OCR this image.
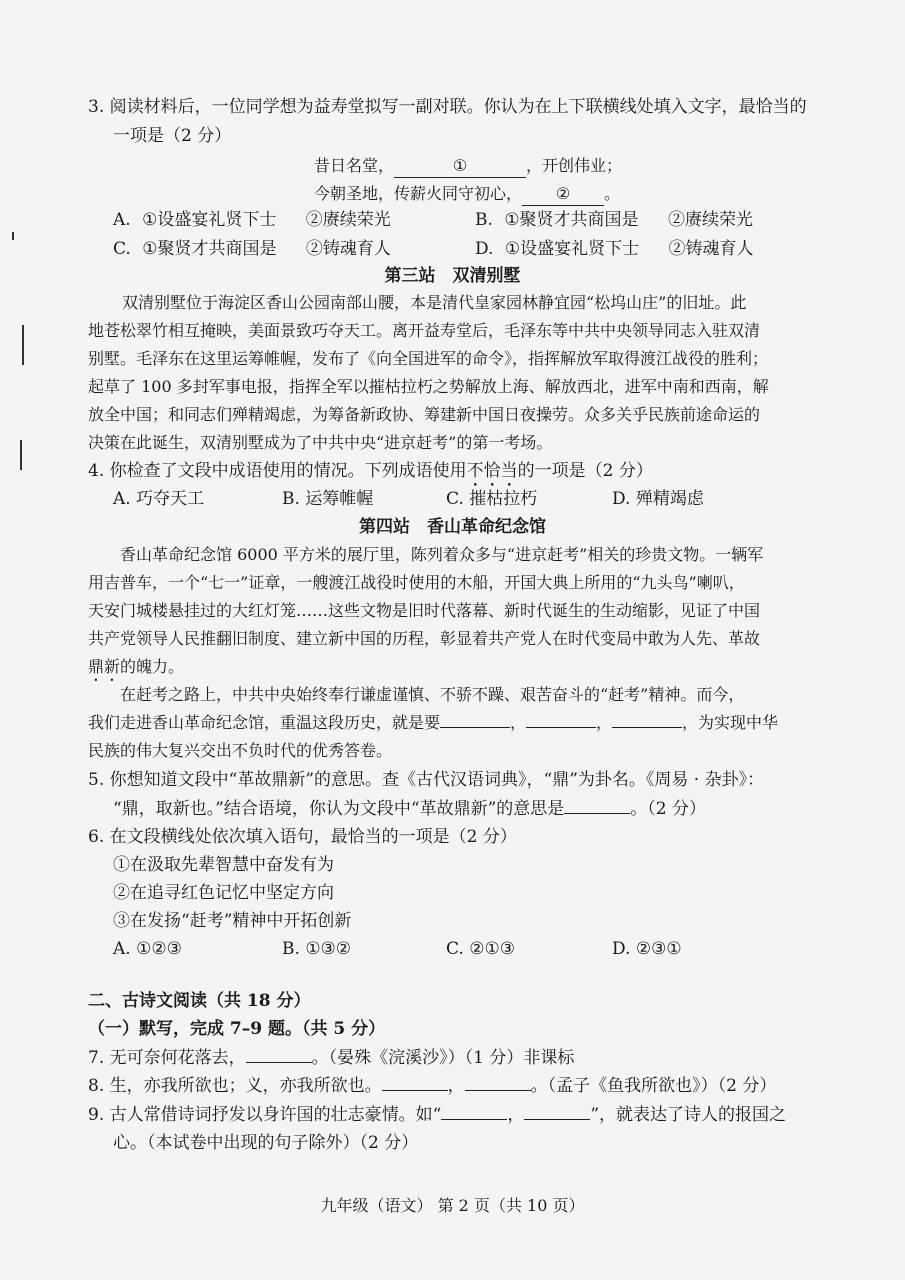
3. 阅读材料后，一位同学想为益寿堂拟写一副对联。你认为在上下联横线处填入文字，最恰当的
一项是（2 分）
昔日名堂，	①	，开创伟业；
今朝圣地，传薪火同守初心， ② 。
A. ①设盛宴礼贤下士 ②赓续荣光	B. ①聚贤才共商国是 ②赓续荣光
C. ①聚贤才共商国是 ②铸魂育人	D. ①设盛宴礼贤下士 ②铸魂育人
第三站　双清别墅
双清别墅位于海淀区香山公园南部山腰，本是清代皇家园林静宜园“松坞山庄”的旧址。此
地苍松翠竹相互掩映，美面景致巧夺天工。离开益寿堂后，毛泽东等中共中央领导同志入驻双清
别墅。毛泽东在这里运筹帷幄，发布了《向全国进军的命令》，指挥解放军取得渡江战役的胜利；
起草了 100 多封军事电报，指挥全军以摧枯拉朽之势解放上海、解放西北，进军中南和西南，解
放全中国；和同志们殚精竭虑，为筹备新政协、筹建新中国日夜操劳。众多关乎民族前途命运的
决策在此诞生，双清别墅成为了中共中央“进京赶考”的第一考场。
4. 你检查了文段中成语使用的情况。下列成语使用不恰当的一项是（2 分）
A. 巧夺天工	B. 运筹帷幄	C. 摧枯拉朽	D. 殚精竭虑
第四站　香山革命纪念馆
香山革命纪念馆 6000 平方米的展厅里，陈列着众多与“进京赶考”相关的珍贵文物。一辆军
用吉普车，一个“七一”证章，一艘渡江战役时使用的木船，开国大典上所用的“九头鸟”喇叭，
天安门城楼悬挂过的大红灯笼……这些文物是旧时代落幕、新时代诞生的生动缩影，见证了中国
共产党领导人民推翻旧制度、建立新中国的历程，彰显着共产党人在时代变局中敢为人先、革故
鼎新的魄力。
在赶考之路上，中共中央始终奉行谦虚谨慎、不骄不躁、艰苦奋斗的“赶考”精神。而今，
我们走进香山革命纪念馆，重温这段历史，就是要	，	，	，为实现中华
民族的伟大复兴交出不负时代的优秀答卷。
5. 你想知道文段中“革故鼎新”的意思。查《古代汉语词典》，“鼎”为卦名。《周易 · 杂卦》：
“鼎，取新也。”结合语境，你认为文段中“革故鼎新”的意思是	。（2 分）
6. 在文段横线处依次填入语句，最恰当的一项是（2 分）
①在汲取先辈智慧中奋发有为
②在追寻红色记忆中坚定方向
③在发扬“赶考”精神中开拓创新
A. ①②③	B. ①③②	C. ②①③	D. ②③①
二、古诗文阅读（共 18 分）
（一）默写，完成 7–9 题。（共 5 分）
7. 无可奈何花落去，	。（晏殊《浣溪沙》）（1 分）非课标
8. 生，亦我所欲也；义，亦我所欲也。	，	。（孟子《鱼我所欲也》）（2 分）
9. 古人常借诗词抒发以身许国的壮志豪情。如“	，	”，就表达了诗人的报国之
心。（本试卷中出现的句子除外）（2 分）
九年级（语文） 第 2 页（共 10 页）
